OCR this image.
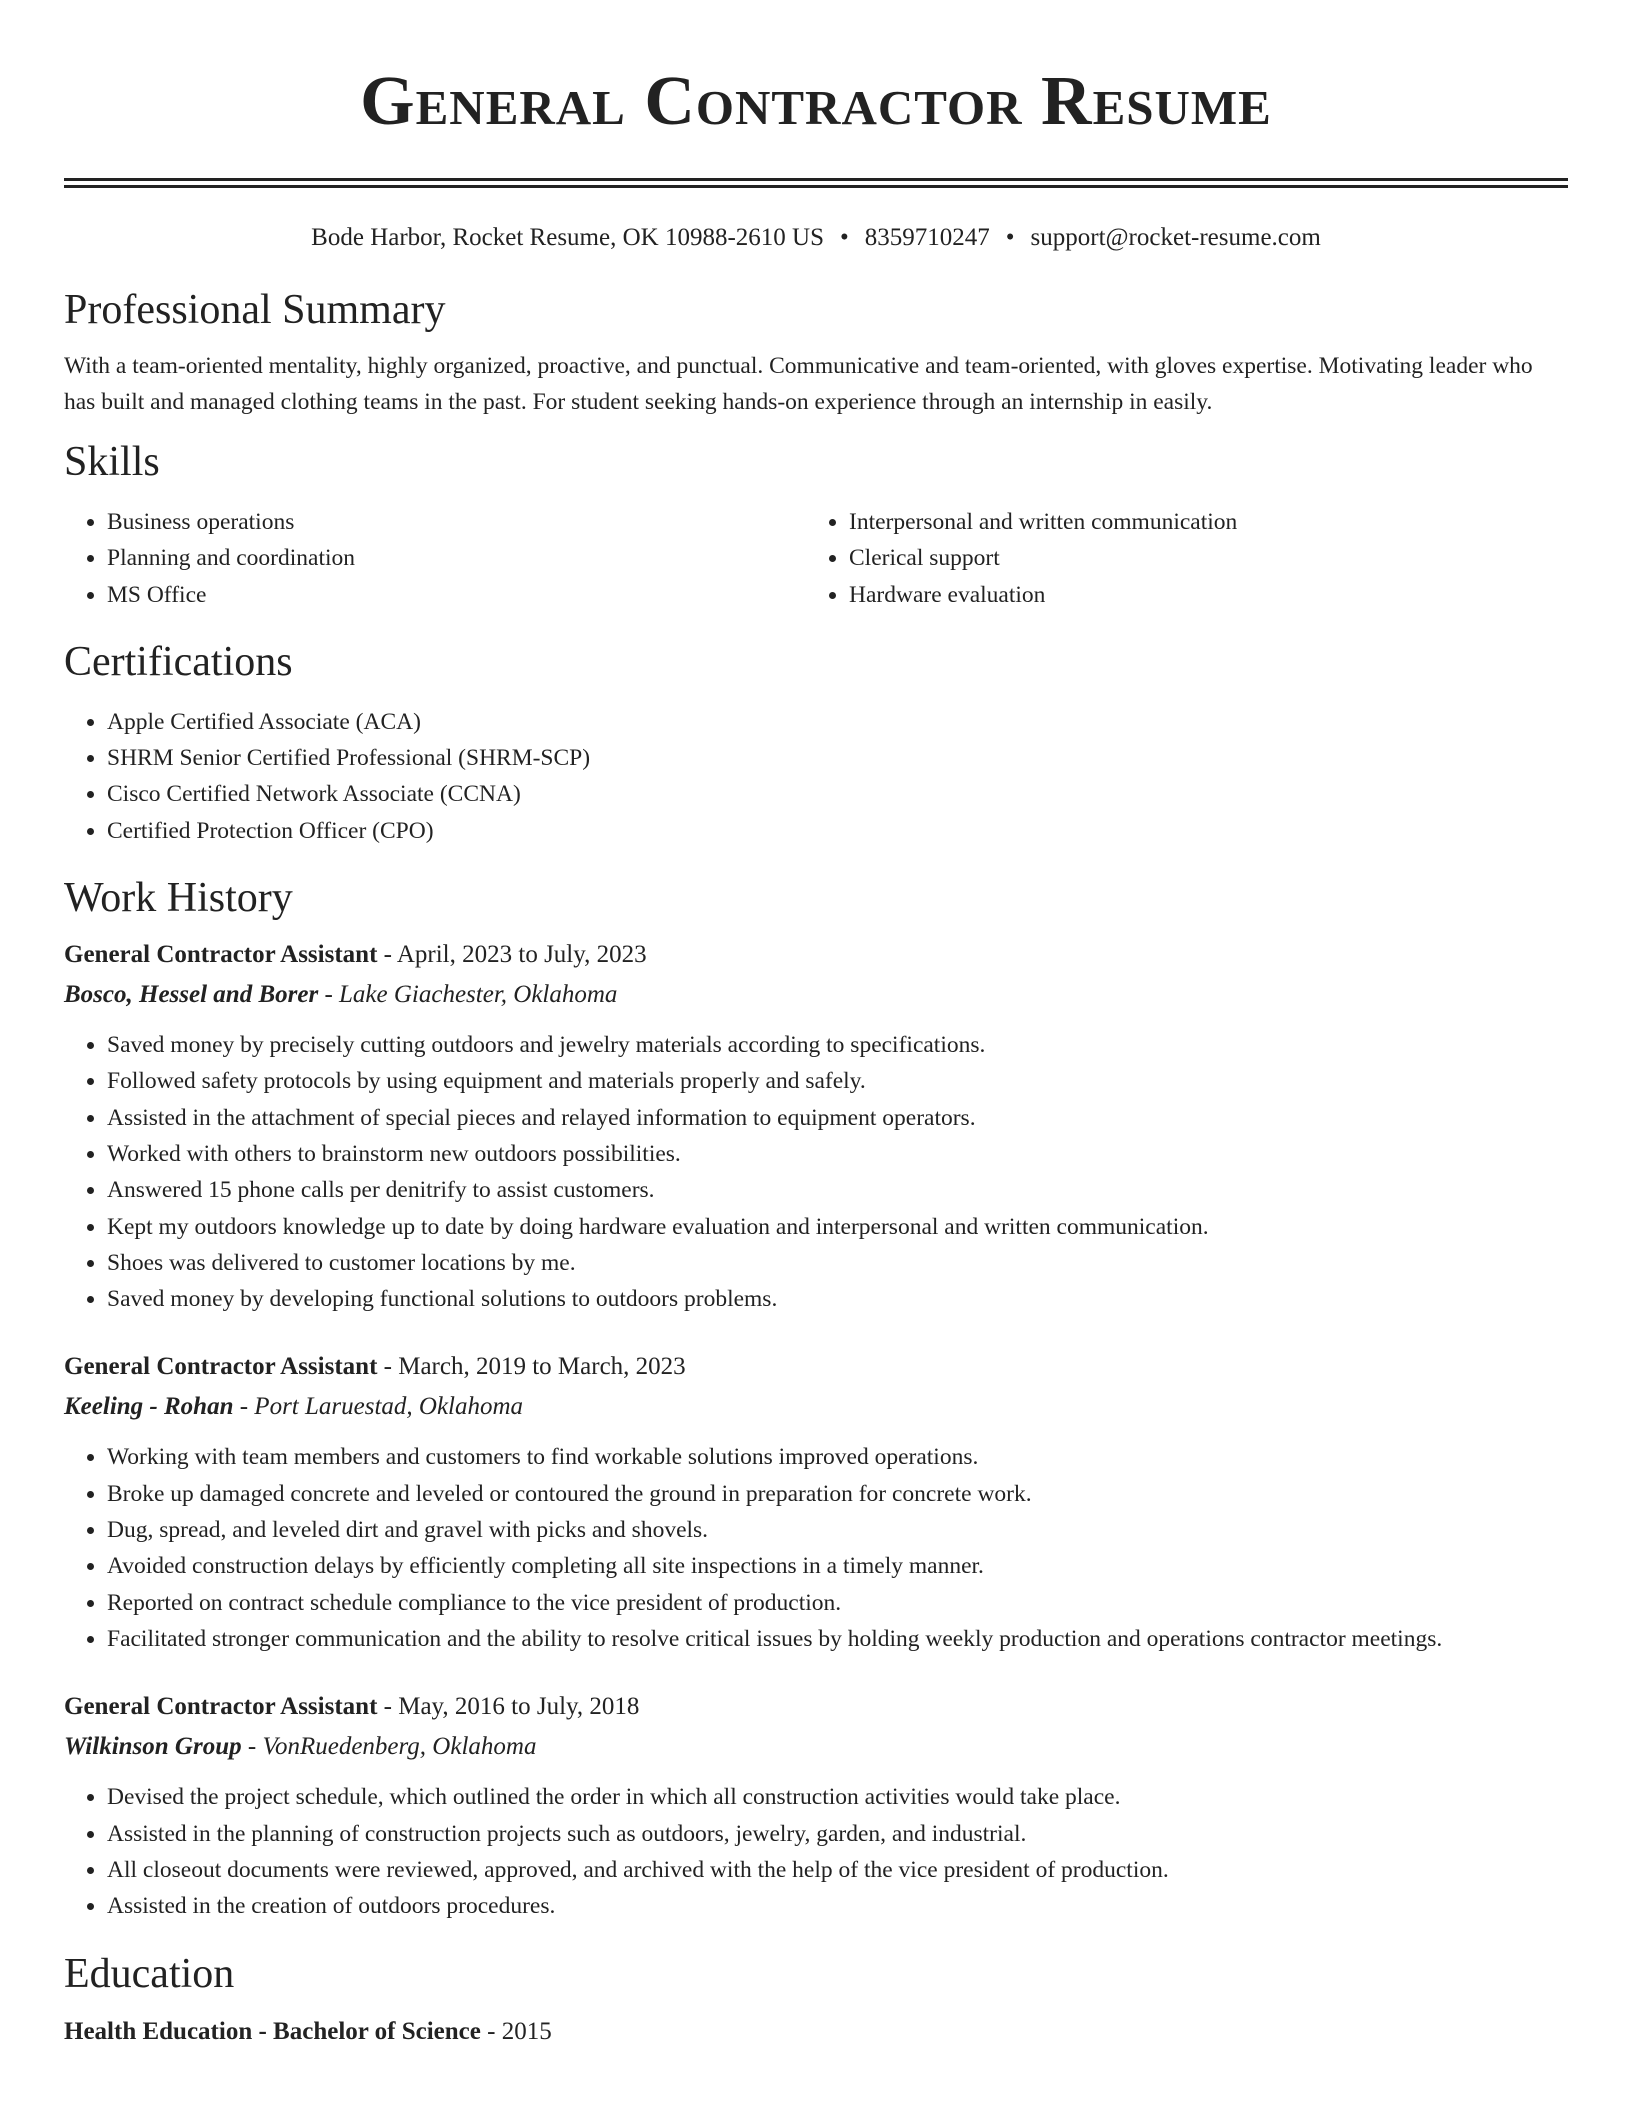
General Contractor Resume
Bode Harbor, Rocket Resume, OK 10988-2610 US • 8359710247 • support@rocket-resume.com
Professional Summary

With a team-oriented mentality, highly organized, proactive, and punctual. Communicative and team-oriented, with gloves expertise. Motivating leader who has built and managed clothing teams in the past. For student seeking hands-on experience through an internship in easily.

Skills
• Business operations
• Planning and coordination
• MS Office
• Interpersonal and written communication
• Clerical support
• Hardware evaluation
Certifications
• Apple Certified Associate (ACA)
• SHRM Senior Certified Professional (SHRM-SCP)
• Cisco Certified Network Associate (CCNA)
• Certified Protection Officer (CPO)
Work History
General Contractor Assistant - April, 2023 to July, 2023
Bosco, Hessel and Borer - Lake Giachester, Oklahoma
• Saved money by precisely cutting outdoors and jewelry materials according to specifications.
• Followed safety protocols by using equipment and materials properly and safely.
• Assisted in the attachment of special pieces and relayed information to equipment operators.
• Worked with others to brainstorm new outdoors possibilities.
• Answered 15 phone calls per denitrify to assist customers.
• Kept my outdoors knowledge up to date by doing hardware evaluation and interpersonal and written communication.
• Shoes was delivered to customer locations by me.
• Saved money by developing functional solutions to outdoors problems.
General Contractor Assistant - March, 2019 to March, 2023
Keeling - Rohan - Port Laruestad, Oklahoma
• Working with team members and customers to find workable solutions improved operations.
• Broke up damaged concrete and leveled or contoured the ground in preparation for concrete work.
• Dug, spread, and leveled dirt and gravel with picks and shovels.
• Avoided construction delays by efficiently completing all site inspections in a timely manner.
• Reported on contract schedule compliance to the vice president of production.
• Facilitated stronger communication and the ability to resolve critical issues by holding weekly production and operations contractor meetings.
General Contractor Assistant - May, 2016 to July, 2018
Wilkinson Group - VonRuedenberg, Oklahoma
• Devised the project schedule, which outlined the order in which all construction activities would take place.
• Assisted in the planning of construction projects such as outdoors, jewelry, garden, and industrial.
• All closeout documents were reviewed, approved, and archived with the help of the vice president of production.
• Assisted in the creation of outdoors procedures.
Education
Health Education - Bachelor of Science - 2015
